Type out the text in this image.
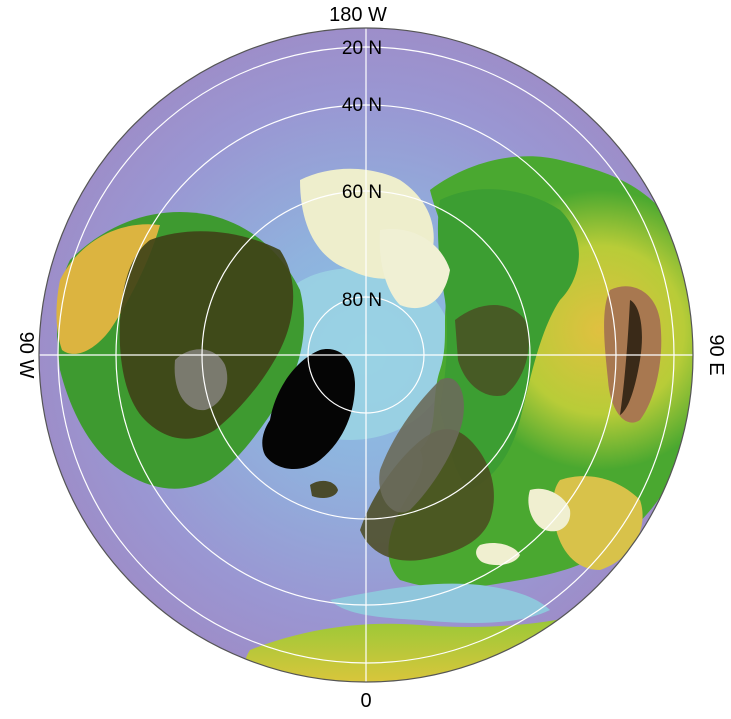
20 N
40 N
60 N
80 N
180 W
0
90 W	90 E
